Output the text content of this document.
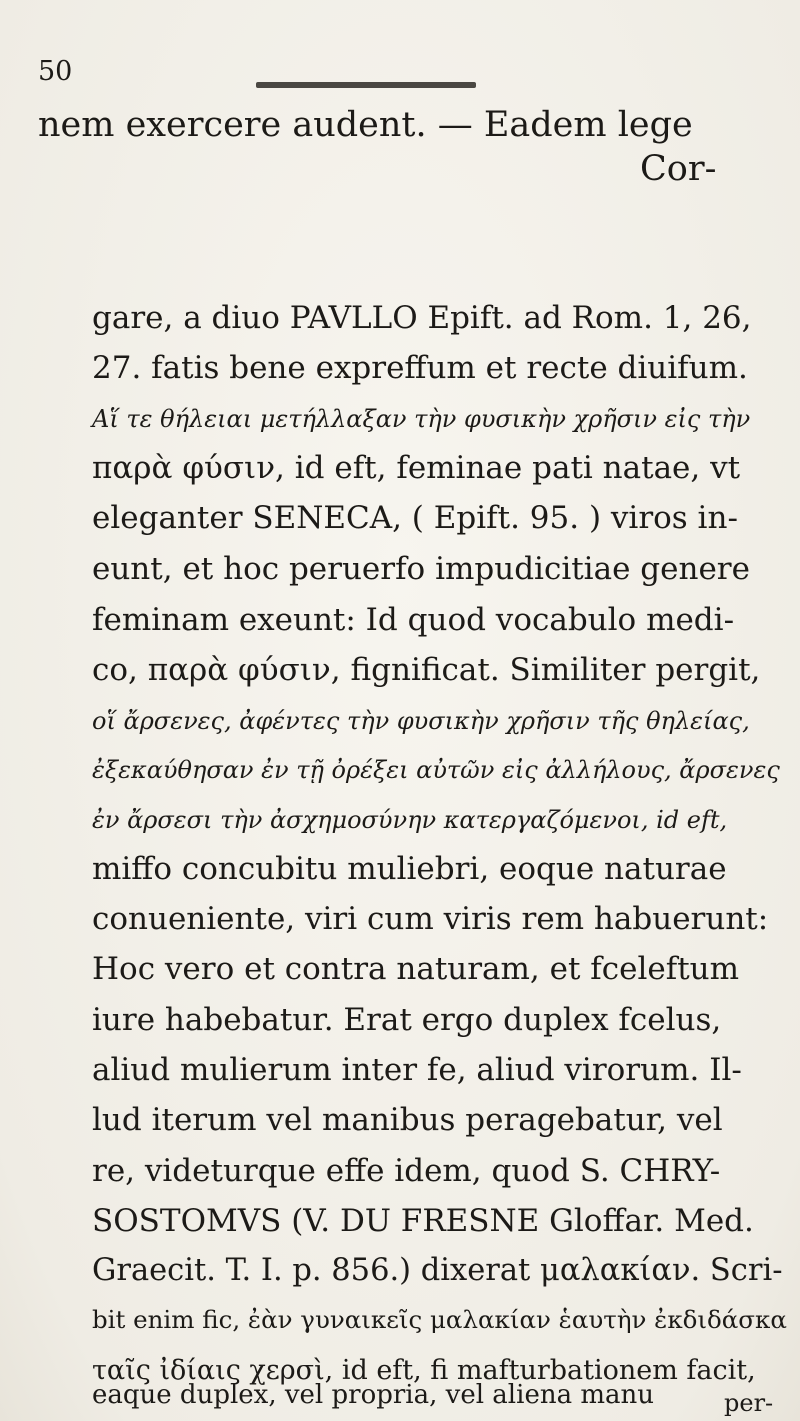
50
nem exercere audent. — Eadem lege
Cor-
gare, a diuo PAVLLO Epift. ad Rom. 1, 26,
27. fatis bene expreffum et recte diuifum.
Αἵ τε θήλειαι μετήλλαξαν τὴν φυσικὴν χρῆσιν εἰς τὴν
παρὰ φύσιν, id eft, feminae pati natae, vt
eleganter SENECA, ( Epift. 95. ) viros in-
eunt, et hoc peruerfo impudicitiae genere
feminam exeunt: Id quod vocabulo medi-
co, παρὰ φύσιν, fignificat. Similiter pergit,
οἵ ἄρσενες, ἀφέντες τὴν φυσικὴν χρῆσιν τῆς θηλείας,
ἐξεκαύθησαν ἐν τῇ ὀρέξει αὐτῶν εἰς ἀλλήλους, ἄρσενες
ἐν ἄρσεσι τὴν ἀσχημοσύνην κατεργαζόμενοι, id eft,
miffo concubitu muliebri, eoque naturae
conueniente, viri cum viris rem habuerunt:
Hoc vero et contra naturam, et fceleftum
iure habebatur. Erat ergo duplex fcelus,
aliud mulierum inter fe, aliud virorum. Il-
lud iterum vel manibus peragebatur, vel
re, videturque effe idem, quod S. CHRY-
SOSTOMVS (V. DU FRESNE Gloffar. Med.
Graecit. T. I. p. 856.) dixerat μαλακίαν. Scri-
bit enim fic, ἐὰν γυναικεῖς μαλακίαν ἑαυτὴν ἐκδιδάσκα
ταῖς ἰδίαις χερσὶ, id eft, fi mafturbationem facit,
eaque duplex, vel propria, vel aliena manu	per-
